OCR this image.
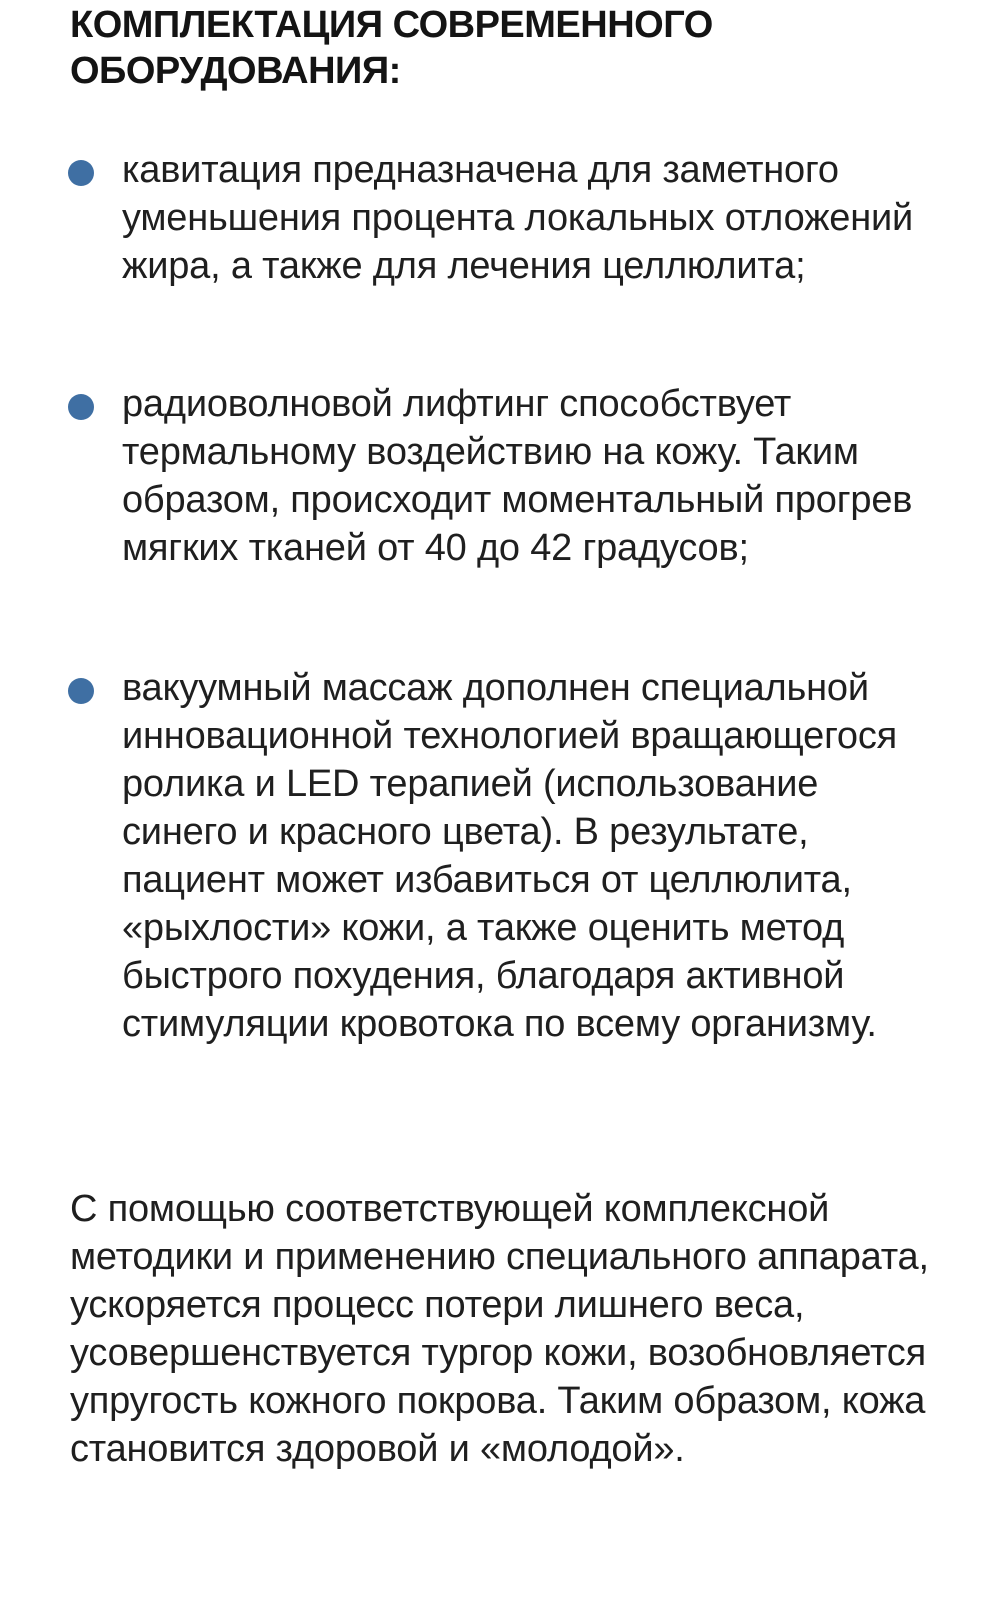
КОМПЛЕКТАЦИЯ СОВРЕМЕННОГО ОБОРУДОВАНИЯ:
кавитация предназначена для заметного уменьшения процента локальных отложений жира, а также для лечения целлюлита;
радиоволновой лифтинг способствует термальному воздействию на кожу. Таким образом, происходит моментальный прогрев мягких тканей от 40 до 42 градусов;
вакуумный массаж дополнен специальной инновационной технологией вращающегося ролика и LED терапией (использование синего и красного цвета). В результате, пациент может избавиться от целлюлита, «рыхлости» кожи, а также оценить метод быстрого похудения, благодаря активной стимуляции кровотока по всему организму.

С помощью соответствующей комплексной методики и применению специального аппарата, ускоряется процесс потери лишнего веса, усовершенствуется тургор кожи, возобновляется упругость кожного покрова. Таким образом, кожа становится здоровой и «молодой».
